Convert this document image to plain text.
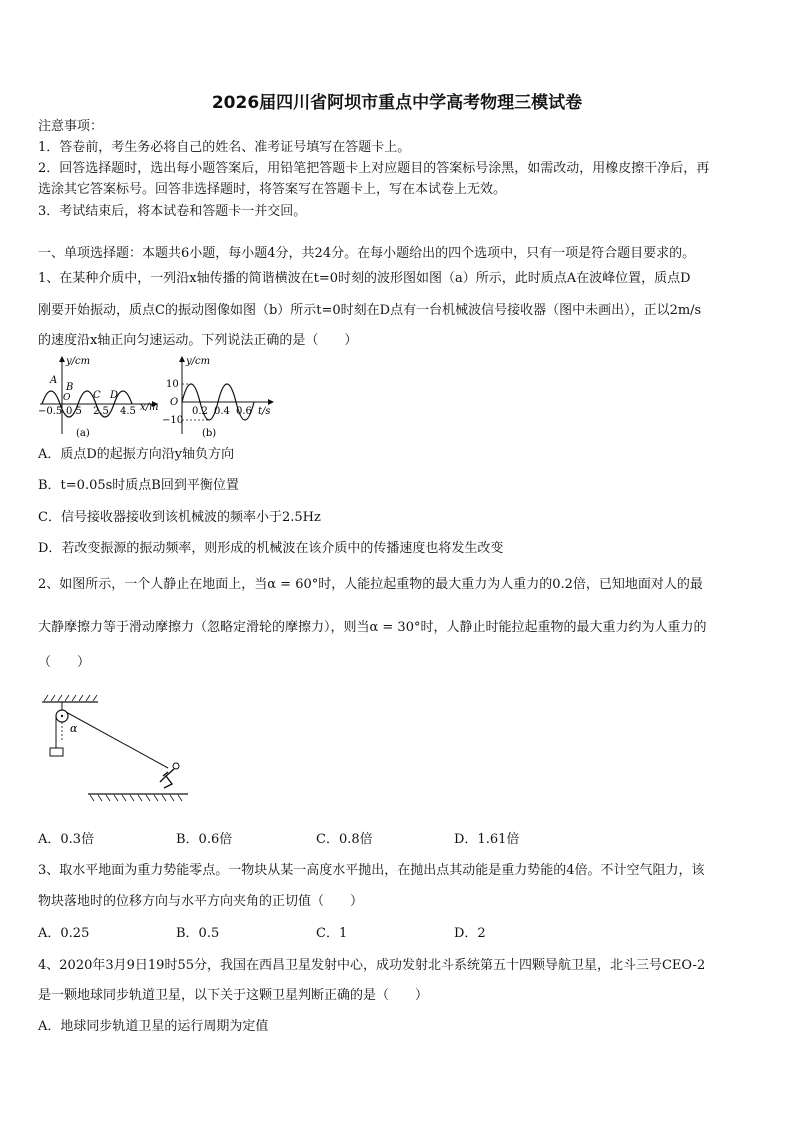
2026届四川省阿坝市重点中学高考物理三模试卷
注意事项：
1．答卷前，考生务必将自己的姓名、准考证号填写在答题卡上。
2．回答选择题时，选出每小题答案后，用铅笔把答题卡上对应题目的答案标号涂黑，如需改动，用橡皮擦干净后，再
选涂其它答案标号。回答非选择题时，将答案写在答题卡上，写在本试卷上无效。
3．考试结束后，将本试卷和答题卡一并交回。
一、单项选择题：本题共6小题，每小题4分，共24分。在每小题给出的四个选项中，只有一项是符合题目要求的。
1、在某种介质中，一列沿x轴传播的简谐横波在t=0时刻的波形图如图（a）所示，此时质点A在波峰位置，质点D
刚要开始振动，质点C的振动图像如图（b）所示t=0时刻在D点有一台机械波信号接收器（图中未画出），正以2m/s
的速度沿x轴正向匀速运动。下列说法正确的是（　　）
y/cm
x/m
A
B
C D
O
−0.5 0.5 2.5 4.5
(a)
y/cm
t/s
10
O
−10
0.2 0.4 0.6
(b)
A．质点D的起振方向沿y轴负方向
B．t=0.05s时质点B回到平衡位置
C．信号接收器接收到该机械波的频率小于2.5Hz
D．若改变振源的振动频率，则形成的机械波在该介质中的传播速度也将发生改变
2、如图所示，一个人静止在地面上，当α = 60°时，人能拉起重物的最大重力为人重力的0.2倍，已知地面对人的最
大静摩擦力等于滑动摩擦力（忽略定滑轮的摩擦力），则当α = 30°时，人静止时能拉起重物的最大重力约为人重力的
（　　）
α
A．0.3倍	B．0.6倍	C．0.8倍	D．1.61倍
3、取水平地面为重力势能零点。一物块从某一高度水平抛出，在抛出点其动能是重力势能的4倍。不计空气阻力，该
物块落地时的位移方向与水平方向夹角的正切值（　　）
A．0.25	B．0.5	C．1	D．2
4、2020年3月9日19时55分，我国在西昌卫星发射中心，成功发射北斗系统第五十四颗导航卫星，北斗三号CEO-2
是一颗地球同步轨道卫星，以下关于这颗卫星判断正确的是（　　）
A．地球同步轨道卫星的运行周期为定值
